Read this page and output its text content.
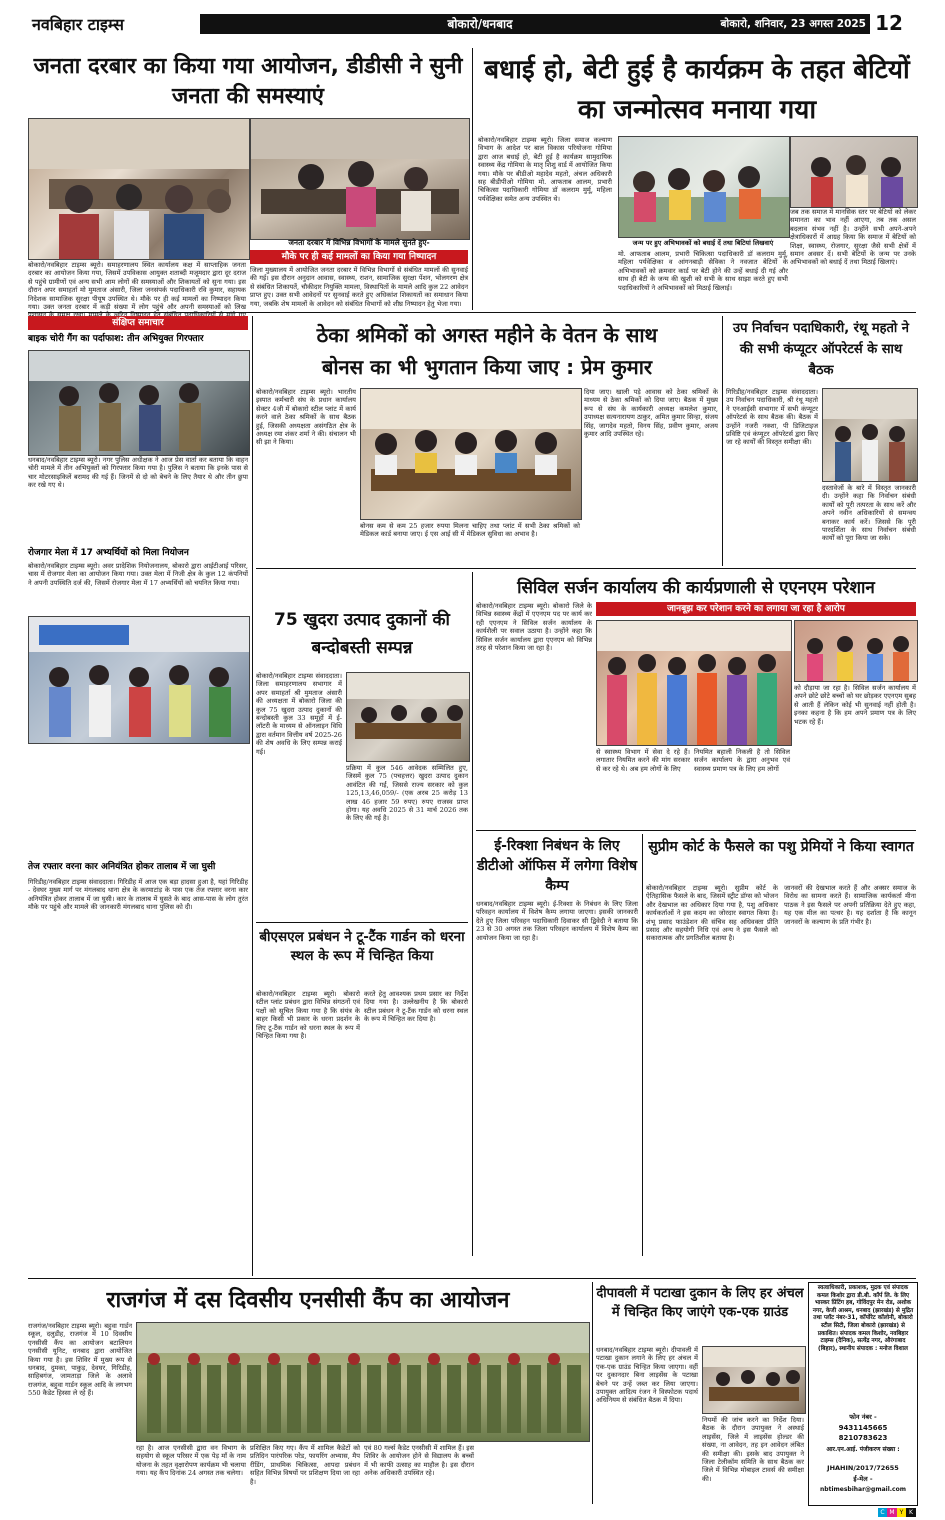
नवबिहार टाइम्स	बोकारो/धनबाद	बोकारो, शनिवार, 23 अगस्त 2025 12
जनता दरबार का किया गया आयोजन, डीडीसी ने सुनी जनता की समस्याएं
जनता दरबार में विभिन्न विभागों के मामले सुनते हुए-
मौके पर ही कई मामलों का किया गया निष्पादन
बोकारो/नवबिहार टाइम्स ब्यूरो। समाहरणालय स्थित कार्यालय कक्ष में साप्ताहिक जनता दरबार का आयोजन किया गया, जिसमें उपविकास आयुक्त शताब्दी मजूमदार द्वारा दूर दराज से पहुंचे ग्रामीणों एवं अन्य सभी आम लोगों की समस्याओं और शिकायतों को सुना गया। इस दौरान अपर समाहर्ता मो मुमताज अंसारी, जिला जनसंपर्क पदाधिकारी रवि कुमार, सहायक निदेशक सामाजिक सुरक्षा पीयूष उपस्थित थे। मौके पर ही कई मामलों का निष्पादन किया गया। उक्त जनता दरबार में कड़ी संख्या में लोग पहुंचे और अपनी समस्याओं को लिख
जिला मुख्यालय में आयोजित जनता दरबार में विभिन्न विभागों से संबंधित मामलों की सुनवाई की गई। इस दौरान अनुदान आवास, स्वास्थ्य, राशन, सामाजिक सुरक्षा पेंशन, भोलगरण क्षेत्र से संबंधित शिकायतें, चौकीदार नियुक्ति मामला, विस्थापितों के मामले आदि कुल 22 आवेदन प्राप्त हुए। उक्त सभी आवेदनों पर सुनवाई करते हुए अधिकांश शिकायतों का समाधान किया गया, जबकि शेष मामलों के आवेदन को संबंधित विभागों को शीघ्र निष्पादन हेतु भेजा गया।
बधाई हो, बेटी हुई है कार्यक्रम के तहत बेटियों का जन्मोत्सव मनाया गया
जन्म पर हुए अभिभावकों को बधाई दें तथा बिटियां लिखवाएं
बोकारो/नवबिहार टाइम्स ब्यूरो। जिला समाज कल्याण विभाग के आदेश पर बाल विकास परियोजना गोमिया द्वारा आज बधाई हो, बेटी हुई है कार्यक्रम सामुदायिक स्वास्थ्य केंद्र गोमिया के मातृ शिशु वार्ड में आयोजित किया गया। मौके पर बीडीओ महादेव महतो, अंचल अधिकारी सह बीडीपीओ गोमिया मो. आफताब आलम, प्रभारी चिकित्सा पदाधिकारी गोमिया डॉ कलराम मुर्मू, महिला पर्यवेक्षिका समेत अन्य उपस्थित थे।
मो. आफताब आलम, प्रभारी चिकित्सा पदाधिकारी डॉ कलराम मुर्मू, महिला पर्यवेक्षिका व आंगनबाड़ी सेविका ने नवजात बेटियों के अभिभावकों को क्रमवार कार्ड पर बेटी होने की उन्हें बधाई दी गई और साथ ही बेटी के जन्म की खुशी को सभी के साथ साझा करते हुए सभी पदाधिकारियों ने अभिभावकों को मिठाई खिलाई।
जब तक समाज में मानसिक स्तर पर बेटियों को लेकर समानता का भाव नहीं आएगा, तब तक असल बदलाव संभव नहीं है। उन्होंने सभी अपने-अपने क्षेत्राधिकारों में आग्रह किया कि समाज में बेटियों को शिक्षा, स्वास्थ्य, रोजगार, सुरक्षा जैसे सभी क्षेत्रों में समान अवसर दें। सभी बेटियों के जन्म पर उनके अभिभावकों को बधाई दें तथा मिठाई खिलाएं।
संक्षिप्त समाचार
बाइक चोरी गैंग का पर्दाफाश: तीन अभियुक्त गिरफ्तार
धनबाद/नवबिहार टाइम्स ब्यूरो। नगर पुलिस अधीक्षक ने आज प्रेस वार्ता कर बताया कि वाहन चोरी मामले में तीन अभियुक्तों को गिरफ्तार किया गया है। पुलिस ने बताया कि इनके पास से चार मोटरसाइकिलें बरामद की गई हैं। जिनमें से दो को बेचने के लिए तैयार थे और तीन छुपा कर रखे गए थे।
रोजगार मेला में 17 अभ्यर्थियों को मिला नियोजन
बोकारो/नवबिहार टाइम्स ब्यूरो। अवर प्रादेशिक नियोजनालय, बोकारो द्वारा आईटीआई परिसर, चास में रोजगार मेला का आयोजन किया गया। उक्त मेला में निजी क्षेत्र के कुल 12 कंपनियों ने अपनी उपस्थिति दर्ज की, जिसमें रोजगार मेला में 17 अभ्यर्थियों को चयनित किया गया।
तेज रफ्तार वरना कार अनियंत्रित होकर तालाब में जा घुसी
गिरिडीह/नवबिहार टाइम्स संवाददाता। गिरिडीह में आज एक बड़ा हादसा हुआ है, यहां गिरिडीह - देवघर मुख्य मार्ग पर मंगलबाद थाना क्षेत्र के करमाटांड़ के पास एक तेज रफ्तार वरना कार अनियंत्रित होकर तालाब में जा घुसी। कार के तालाब में घुसते के बाद आस-पास के लोग तुरंत मौके पर पहुंचे और मामले की जानकारी मंगलबाद थाना पुलिस को दी।
ठेका श्रमिकों को अगस्त महीने के वेतन के साथ
बोनस का भी भुगतान किया जाए : प्रेम कुमार
बोकारो/नवबिहार टाइम्स ब्यूरो। भारतीय इस्पात कर्मचारी संघ के प्रधान कार्यालय सेक्टर 4जी में बोकारो स्टील प्लांट में कार्य करने वाले ठेका श्रमिकों के साथ बैठक हुई, जिसकी अध्यक्षता असंगठित क्षेत्र के अध्यक्ष रमा शंकर शर्मा ने की। संचालन भी सी झा ने किया।
बोनस कम से कम 25 हजार रुपया मिलना चाहिए तथा प्लांट में सभी ठेका श्रमिकों को मेडिकल कार्ड बनाया जाए। ई एस आई सी में मेडिकल सुविधा का अभाव है।
दिया जाए। खाली पड़े आवास को ठेका श्रमिकों के माध्यम से ठेका श्रमिकों को दिया जाए। बैठक में मुख्य रूप से संघ के कार्यकारी अध्यक्ष कमलेश कुमार, उपाध्यक्ष सत्यनारायण ठाकुर, अमित कुमार सिन्हा, संजय सिंह, जागदेव महतो, विनय सिंह, प्रवीण कुमार, अजय कुमार आदि उपस्थित रहे।
उप निर्वाचन पदाधिकारी, रंथू महतो ने की सभी कंप्यूटर ऑपरेटर्स के साथ बैठक
गिरिडीह/नवबिहार टाइम्स संवाददाता। उप निर्वाचन पदाधिकारी, श्री रंथू महतो ने एनआईसी सभागार में सभी कंप्यूटर ऑपरेटर्स के साथ बैठक की। बैठक में उन्होंने नजरी नक्शा, पी डिजिटाइज प्रविष्टि एवं कंप्यूटर ऑपरेटर्स द्वारा किए जा रहे कार्यों की विस्तृत समीक्षा की।
दस्तावेजों के बारे में विस्तृत जानकारी दी। उन्होंने कहा कि निर्वाचन संबंधी कार्यों को पूरी तत्परता के साथ करें और अपने नवीन अधिकारियों से समन्वय बनाकर कार्य करें। जिससे कि पूरी पारदर्शिता के साथ निर्वाचन संबंधी कार्यों को पूरा किया जा सके।
75 खुदरा उत्पाद दुकानों की बन्दोबस्ती सम्पन्न
बोकारो/नवबिहार टाइम्स संवाददाता। जिला समाहरणालय सभागार में अपर समाहर्ता श्री मुमताज अंसारी की अध्यक्षता में बोकारो जिला की कुल 75 खुदरा उत्पाद दुकानों की बन्दोबस्ती कुल 33 समूहों में ई-लॉटरी के माध्यम से ऑनलाइन विधि द्वारा वर्तमान वित्तीय वर्ष 2025-26 की शेष अवधि के लिए सम्पन्न कराई गई।
प्रक्रिया में कुल 546 आवेदक सम्मिलित हुए, जिसमें कुल 75 (पचहत्तर) खुदरा उत्पाद दुकान आवंटित की गईं, जिससे राज्य सरकार को कुल 125,13,46,059/- (एक अरब 25 करोड़ 13 लाख 46 हजार 59 रुपए) रुपए राजस्व प्राप्त होगा। यह अवधि 2025 से 31 मार्च 2026 तक के लिए की गई है।
सिविल सर्जन कार्यालय की कार्यप्रणाली से एएनएम परेशान
जानबूझ कर परेशान करने का लगाया जा रहा है आरोप
बोकारो/नवबिहार टाइम्स ब्यूरो। बोकारो जिले के विभिन्न स्वास्थ्य केंद्रों में एएनएम पद पर कार्य कर रही एएनएम ने सिविल सर्जन कार्यालय के कार्यशैली पर सवाल उठाया है। उन्होंने कहा कि सिविल सर्जन कार्यालय द्वारा एएनएम को विभिन्न तरह से परेशान किया जा रहा है।
से स्वास्थ्य विभाग में सेवा दे रहे हैं। लगातार नियमित करने की मांग सरकार से कर रहे थे। अब हम लोगों के लिए
नियमित बहाली निकली है तो सिविल सर्जन कार्यालय के द्वारा अनुभव एवं स्वास्थ्य प्रमाण पत्र के लिए हम लोगों
को दौड़ाया जा रहा है। सिविल सर्जन कार्यालय में अपने छोटे छोटे बच्चों को घर छोड़कर एएनएम सुबह से आती हैं लेकिन कोई भी सुनवाई नहीं होती है। इनका कहना है कि हम अपने प्रमाण पत्र के लिए भटक रहे हैं।
ई-रिक्शा निबंधन के लिए डीटीओ ऑफिस में लगेगा विशेष कैम्प
धनबाद/नवबिहार टाइम्स ब्यूरो। ई-रिक्शा के निबंधन के लिए जिला परिवहन कार्यालय में विशेष कैम्प लगाया जाएगा। इसकी जानकारी देते हुए जिला परिवहन पदाधिकारी दिवाकर सी द्विवेदी ने बताया कि 23 से 30 अगस्त तक जिला परिवहन कार्यालय में विशेष कैम्प का आयोजन किया जा रहा है।
सुप्रीम कोर्ट के फैसले का पशु प्रेमियों ने किया स्वागत
बोकारो/नवबिहार टाइम्स ब्यूरो। सुप्रीम कोर्ट के ऐतिहासिक फैसले के बाद, जिसमें स्ट्रीट डॉग्स को भोजन और देखभाल का अधिकार दिया गया है, पशु अधिकार कार्यकर्ताओं ने इस कदम का जोरदार स्वागत किया है। शंभू प्रसाद फाउंडेशन की संचिव सह अधिवक्ता प्रीति प्रसाद और सहयोगी निधि एवं अन्य ने इस फैसले को सकारात्मक और प्रगतिशील बताया है।
जानवरों की देखभाल करते हैं और अक्सर समाज के विरोध का सामना करते हैं। सामाजिक कार्यकर्ता मीना पाठक ने इस फैसले पर अपनी प्रतिक्रिया देते हुए कहा, यह एक मील का पत्थर है। यह दर्शाता है कि कानून जानवरों के कल्याण के प्रति गंभीर है।
बीएसएल प्रबंधन ने टू-टैंक गार्डन को धरना स्थल के रूप में चिन्हित किया
बोकारो/नवबिहार टाइम्स ब्यूरो। बोकारो स्टील प्लांट प्रबंधन द्वारा विभिन्न संगठनों एवं पक्षों को सूचित किया गया है कि संयंत्र के बाहर किसी भी प्रकार के धरना प्रदर्शन के लिए टू-टैंक गार्डन को धरना स्थल के रूप में चिन्हित किया गया है।
करते हेतु आवश्यक प्रथम प्रसार का निर्देश दिया गया है। उल्लेखनीय है कि बोकारो स्टील प्रबंधन ने टू-टैंक गार्डन को धरना स्थल के रूप में चिन्हित कर दिया है।
राजगंज में दस दिवसीय एनसीसी कैंप का आयोजन
राजगंज/नवबिहार टाइम्स ब्यूरो। बहुवा गार्डन स्कूल, दलुडीह, राजगंज में 10 दिवसीय एनसीसी कैंप का आयोजन बटालियन एनसीसी यूनिट, धनबाद द्वारा आयोजित किया गया है। इस शिविर में मुख्य रूप से धनबाद, दुमका, पाकुड़, देवघर, गिरिडीह, साहिबगंज, जामताड़ा जिले के अलावे राजगंज, बहुवा गार्डन स्कूल आदि के लगभग 550 कैडेट हिस्सा ले रहे हैं।
रहा है। आज एनसीसी द्वारा वन विभाग के सहयोग से स्कूल परिसर में एक पेड़ माँ के नाम योजना के तहत वृक्षारोपण कार्यक्रम भी चलाया गया। यह कैंप दिनांक 24 अगस्त तक चलेगा।
प्रशिक्षित किए गए। कैंप में शामिल कैडेटों को प्रतिदिन पारंपरिक परेड, फायरिंग अभ्यास, मैप रीडिंग, प्राथमिक चिकित्सा, आपदा प्रबंधन सहित विभिन्न विषयों पर प्रशिक्षण दिया जा रहा है।
एवं 80 गर्ल्स कैडेट एनसीसी में शामिल हैं। इस शिविर के आयोजन होने से विद्यालय के बच्चों में भी काफी उत्साह का माहौल है। इस दौरान अनेक अधिकारी उपस्थित रहे।
दीपावली में पटाखा दुकान के लिए हर अंचल में चिन्हित किए जाएंगे एक-एक ग्राउंड
धनबाद/नवबिहार टाइम्स ब्यूरो। दीपावली में पटाखा दुकान लगाने के लिए हर अंचल में एक-एक ग्राउंड चिन्हित किया जाएगा। वहीं पर दुकानदार बिना लाइसेंस के पटाखा बेचने पर उन्हें जब्त कर लिया जाएगा। उपायुक्त आदित्य रंजन ने विस्फोटक पदार्थ अधिनियम से संबंधित बैठक में दिया।
नियमों की जांच करने का निर्देश दिया। बैठक के दौरान उपायुक्त ने अस्थाई लाइसेंस, जिले में लाइसेंस होल्डर की संख्या, ना आवेदन, तह इन आवेदन लंबित की समीक्षा की। इसके बाद उपायुक्त ने जिला टेलीकॉम समिति के साथ बैठक कर जिले में विभिन्न मोबाइल टावर्स की समीक्षा की।
स्वत्वाधिकारी, प्रकाशक, मुद्रक एवं संपादक कमल किशोर द्वारा डी.बी. कॉर्प लि. के लिए भास्कर प्रिंटिंग हब, गोविंदपुर मेन रोड, अशोक नगर, केजी आश्रम, धनबाद (झारखंड) से मुद्रित तथा प्लॉट नंबर-31, कॉर्पोरेट कॉलोनी, बोकारो स्टील सिटी, जिला बोकारो (झारखंड) से प्रकाशित। संपादक कमल किशोर, नवबिहार टाइम्स (दैनिक), सत्येंद्र नगर, औरंगाबाद (बिहार), स्थानीय संपादक : मनोज विशाल
फोन नंबर -
9431145665
8210783623
आर.एन.आई. पंजीकरण संख्या :
JHAHIN/2017/72655
ई-मेल -
nbtimesbihar@gmail.com
C M Y K
